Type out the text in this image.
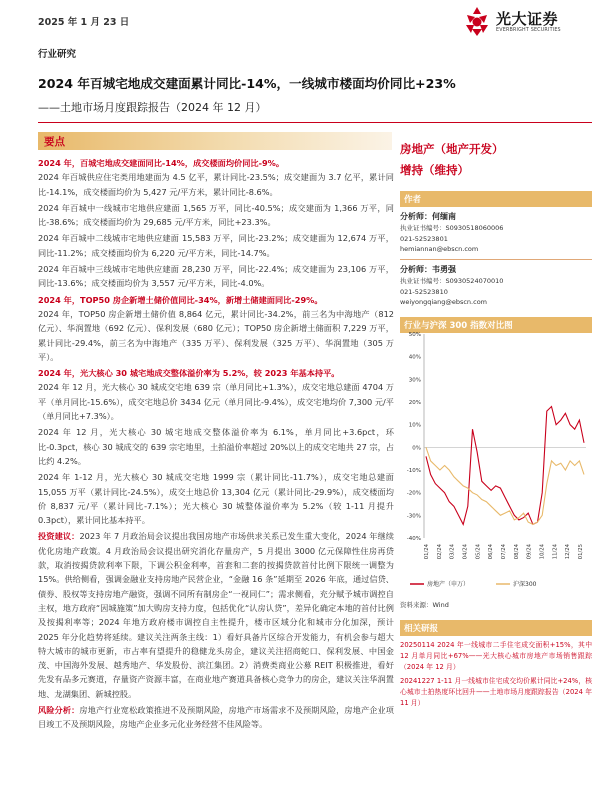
2025 年 1 月 23 日	光大证券
EVERBRIGHT SECURITIES
行业研究
2024 年百城宅地成交建面累计同比-14%，一线城市楼面均价同比+23%
——土地市场月度跟踪报告（2024 年 12 月）
要点
2024 年，百城宅地成交建面同比-14%，成交楼面均价同比-9%。
2024 年百城供应住宅类用地建面为 4.5 亿平，累计同比-23.5%；成交建面为 3.7 亿平，累计同比-14.1%，成交楼面均价为 5,427 元/平方米，累计同比-8.6%。
2024 年百城中一线城市宅地供应建面 1,565 万平，同比-40.5%；成交建面为 1,366 万平，同比-38.6%；成交楼面均价为 29,685 元/平方米，同比+23.3%。
2024 年百城中二线城市宅地供应建面 15,583 万平，同比-23.2%；成交建面为 12,674 万平，同比-11.2%；成交楼面均价为 6,220 元/平方米，同比-14.7%。
2024 年百城中三线城市宅地供应建面 28,230 万平，同比-22.4%；成交建面为 23,106 万平，同比-13.6%；成交楼面均价为 3,557 元/平方米，同比-4.0%。
2024 年，TOP50 房企新增土储价值同比-34%，新增土储建面同比-29%。
2024 年，TOP50 房企新增土储价值 8,864 亿元，累计同比-34.2%，前三名为中海地产（812 亿元）、华润置地（692 亿元）、保利发展（680 亿元）；TOP50 房企新增土储面积 7,229 万平，累计同比-29.4%，前三名为中海地产（335 万平）、保利发展（325 万平）、华润置地（305 万平）。
2024 年，光大核心 30 城宅地成交整体溢价率为 5.2%，较 2023 年基本持平。
2024 年 12 月，光大核心 30 城成交宅地 639 宗（单月同比+1.3%），成交宅地总建面 4704 万平（单月同比-15.6%），成交宅地总价 3434 亿元（单月同比-9.4%），成交宅地均价 7,300 元/平（单月同比+7.3%）。
2024 年 12 月，光大核心 30 城宅地成交整体溢价率为 6.1%，单月同比+3.6pct，环比-0.3pct，核心 30 城成交的 639 宗宅地里，土拍溢价率超过 20%以上的成交宅地共 27 宗，占比约 4.2%。
2024 年 1-12 月，光大核心 30 城成交宅地 1999 宗（累计同比-11.7%），成交宅地总建面 15,055 万平（累计同比-24.5%），成交土地总价 13,304 亿元（累计同比-29.9%），成交楼面均价 8,837 元/平（累计同比-7.1%）；光大核心 30 城整体溢价率为 5.2%（较 1-11 月提升 0.3pct），累计同比基本持平。
投资建议：2023 年 7 月政治局会议提出我国房地产市场供求关系已发生重大变化，2024 年继续优化房地产政策。4 月政治局会议提出研究消化存量房产，5 月提出 3000 亿元保障性住房再贷款，取消按揭贷款利率下限，下调公积金利率，首套和二套的按揭贷款首付比例下限统一调整为 15%。供给侧看，强调金融业支持房地产民营企业，“金融 16 条”延期至 2026 年底，通过信贷、债券、股权等支持房地产融资，强调不同所有制房企“一视同仁”；需求侧看，充分赋予城市调控自主权，地方政府“因城施策”加大购房支持力度，包括优化“认房认贷”，差异化确定本地的首付比例及按揭利率等；2024 年地方政府楼市调控自主性提升，楼市区域分化和城市分化加深，预计 2025 年分化趋势将延续。建议关注两条主线：1）看好具备片区综合开发能力，有机会参与超大特大城市的城市更新，市占率有望提升的稳健龙头房企，建议关注招商蛇口、保利发展、中国金茂、中国海外发展、越秀地产、华发股份、滨江集团。2）消费类商业公募 REIT 积极推进，看好先发有品多元赛道，存量资产资源丰富，在商业地产赛道具备核心竞争力的房企，建议关注华润置地、龙湖集团、新城控股。
风险分析：房地产行业宽松政策推进不及预期风险，房地产市场需求不及预期风险，房地产企业项目竣工不及预期风险，房地产企业多元化业务经营不佳风险等。
房地产（地产开发）
增持（维持）
作者
分析师：何缅南
执业证书编号：S0930518060006
021-52523801
hemiannan@ebscn.com
分析师：韦勇强
执业证书编号：S0930524070010
021-52523810
weiyongqiang@ebscn.com
行业与沪深 300 指数对比图
50%
40%
30%
20%
10%
0%
-10%
-20%
-30%
-40%
01/24 02/24 03/24 04/24 05/24 06/24 07/24 08/24 09/24 10/24 11/24 12/24 01/25
房地产（申万）	沪深300
资料来源：Wind
相关研报

20250114 2024 年一线城市二手住宅成交面积+15%，其中 12 月单月同比+67%——光大核心城市房地产市场销售跟踪（2024 年 12 月）

20241227 1-11 月一线城市住宅成交均价累计同比+24%，核心城市土拍热度环比回升——土地市场月度跟踪报告（2024 年 11 月）
